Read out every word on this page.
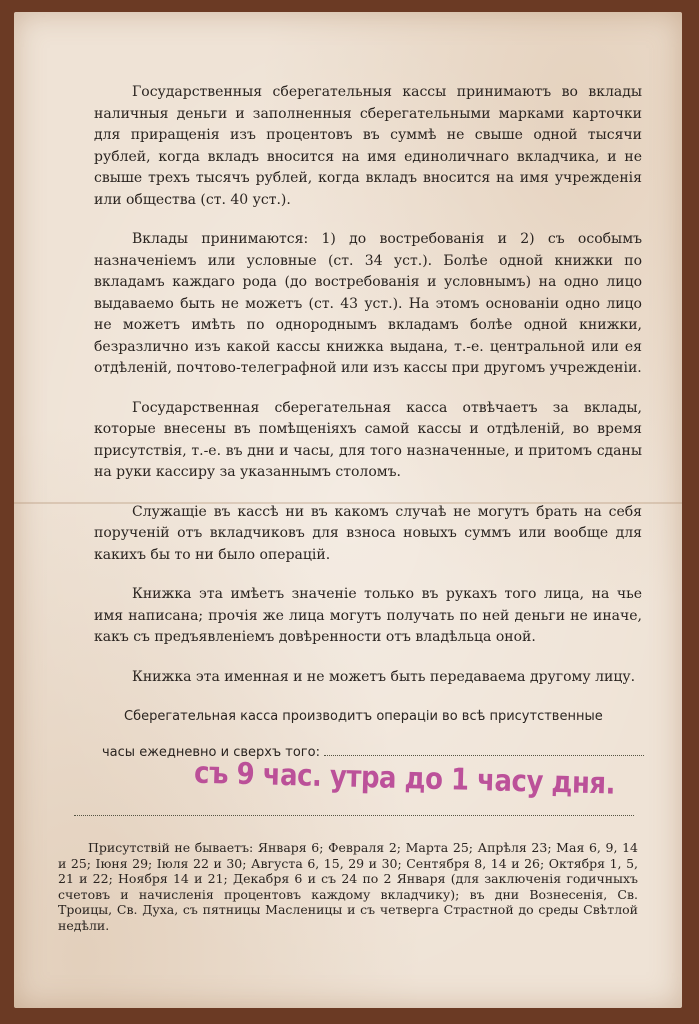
Государственныя сберегательныя кассы принимаютъ во вклады наличныя деньги и заполненныя сберегательными марками карточки для приращенія изъ процентовъ въ суммѣ не свыше одной тысячи рублей, когда вкладъ вносится на имя единоличнаго вкладчика, и не свыше трехъ тысячъ рублей, когда вкладъ вносится на имя учрежденія или общества (ст. 40 уст.).

Вклады принимаются: 1) до востребованія и 2) съ особымъ назначеніемъ или условные (ст. 34 уст.). Болѣе одной книжки по вкладамъ каждаго рода (до востребованія и условнымъ) на одно лицо выдаваемо быть не можетъ (ст. 43 уст.). На этомъ основаніи одно лицо не можетъ имѣть по однороднымъ вкладамъ болѣе одной книжки, безразлично изъ какой кассы книжка выдана, т.-е. центральной или ея отдѣленій, почтово-телеграфной или изъ кассы при другомъ учрежденіи.

Государственная сберегательная касса отвѣчаетъ за вклады, которые внесены въ помѣщеніяхъ самой кассы и отдѣленій, во время присутствія, т.-е. въ дни и часы, для того назначенные, и притомъ сданы на руки кассиру за указаннымъ столомъ.

Служащіе въ кассѣ ни въ какомъ случаѣ не могутъ брать на себя порученій отъ вкладчиковъ для взноса новыхъ суммъ или вообще для какихъ бы то ни было операцій.

Книжка эта имѣетъ значеніе только въ рукахъ того лица, на чье имя написана; прочія же лица могутъ получать по ней деньги не иначе, какъ съ предъявленіемъ довѣренности отъ владѣльца оной.

Книжка эта именная и не можетъ быть передаваема другому лицу.

Сберегательная касса производитъ операціи во всѣ присутственные

часы ежедневно и сверхъ того:
съ 9 час. утра до 1 часу дня.

Присутствій не бываетъ: Января 6; Февраля 2; Марта 25; Апрѣля 23; Мая 6, 9, 14 и 25; Іюня 29; Іюля 22 и 30; Августа 6, 15, 29 и 30; Сентября 8, 14 и 26; Октября 1, 5, 21 и 22; Ноября 14 и 21; Декабря 6 и съ 24 по 2 Января (для заключенія годичныхъ счетовъ и начисленія процентовъ каждому вкладчику); въ дни Вознесенія, Св. Троицы, Св. Духа, съ пятницы Масленицы и съ четверга Страстной до среды Свѣтлой недѣли.
